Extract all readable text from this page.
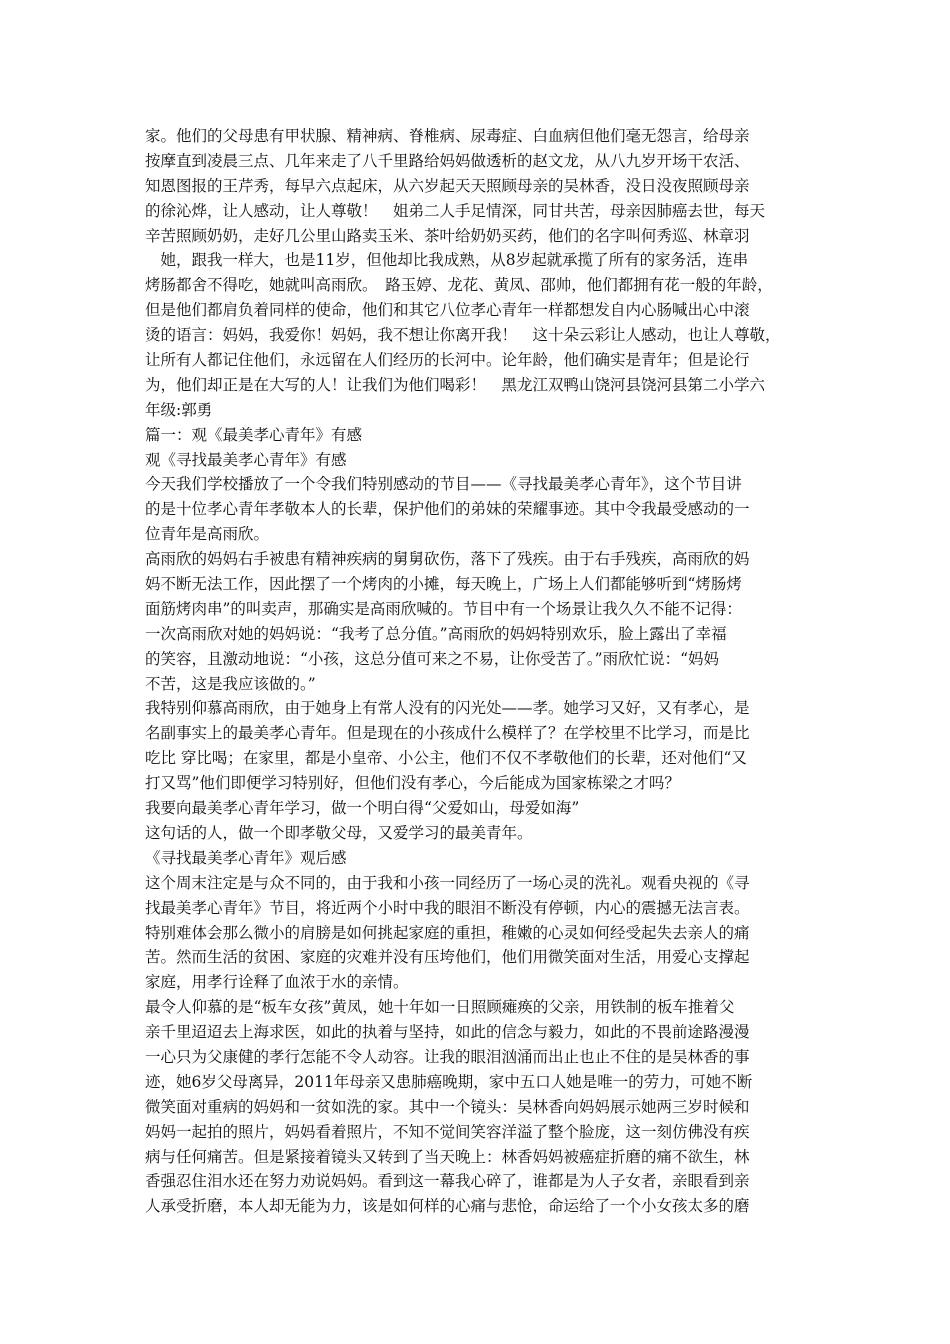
家。他们的父母患有甲状腺、精神病、脊椎病、尿毒症、白血病但他们毫无怨言，给母亲
按摩直到凌晨三点、几年来走了八千里路给妈妈做透析的赵文龙，从八九岁开场干农活、
知恩图报的王芹秀，每早六点起床，从六岁起天天照顾母亲的吴林香，没日没夜照顾母亲
的徐沁烨，让人感动，让人尊敬！　姐弟二人手足情深，同甘共苦，母亲因肺癌去世，每天
辛苦照顾奶奶，走好几公里山路卖玉米、茶叶给奶奶买药，他们的名字叫何秀巡、林章羽
　她，跟我一样大，也是11岁，但他却比我成熟，从8岁起就承揽了所有的家务活，连串
烤肠都舍不得吃，她就叫高雨欣。　路玉婷、龙花、黄凤、邵帅，他们都拥有花一般的年龄，
但是他们都肩负着同样的使命，他们和其它八位孝心青年一样都想发自内心肠喊出心中滚
烫的语言：妈妈，我爱你！妈妈，我不想让你离开我！　这十朵云彩让人感动，也让人尊敬，
让所有人都记住他们，永远留在人们经历的长河中。论年龄，他们确实是青年；但是论行
为，他们却正是在大写的人！让我们为他们喝彩！　黑龙江双鸭山饶河县饶河县第二小学六
年级:郭勇
篇一：观《最美孝心青年》有感
观《寻找最美孝心青年》有感
今天我们学校播放了一个令我们特别感动的节目——《寻找最美孝心青年》，这个节目讲
的是十位孝心青年孝敬本人的长辈，保护他们的弟妹的荣耀事迹。其中令我最受感动的一
位青年是高雨欣。
高雨欣的妈妈右手被患有精神疾病的舅舅砍伤，落下了残疾。由于右手残疾，高雨欣的妈
妈不断无法工作，因此摆了一个烤肉的小摊，每天晚上，广场上人们都能够听到“烤肠烤
面筋烤肉串”的叫卖声，那确实是高雨欣喊的。节目中有一个场景让我久久不能不记得：
一次高雨欣对她的妈妈说：“我考了总分值。”高雨欣的妈妈特别欢乐，脸上露出了幸福
的笑容，且激动地说：“小孩，这总分值可来之不易，让你受苦了。”雨欣忙说：“妈妈
不苦，这是我应该做的。”
我特别仰慕高雨欣，由于她身上有常人没有的闪光处——孝。她学习又好，又有孝心，是
名副事实上的最美孝心青年。但是现在的小孩成什么模样了？在学校里不比学习，而是比
吃比 穿比喝；在家里，都是小皇帝、小公主，他们不仅不孝敬他们的长辈，还对他们“又
打又骂”他们即便学习特别好，但他们没有孝心，今后能成为国家栋梁之才吗？
我要向最美孝心青年学习，做一个明白得“父爱如山，母爱如海”
这句话的人，做一个即孝敬父母，又爱学习的最美青年。
《寻找最美孝心青年》观后感
这个周末注定是与众不同的，由于我和小孩一同经历了一场心灵的洗礼。观看央视的《寻
找最美孝心青年》节目，将近两个小时中我的眼泪不断没有停顿，内心的震撼无法言表。
特别难体会那么微小的肩膀是如何挑起家庭的重担，稚嫩的心灵如何经受起失去亲人的痛
苦。然而生活的贫困、家庭的灾难并没有压垮他们，他们用微笑面对生活，用爱心支撑起
家庭，用孝行诠释了血浓于水的亲情。
最令人仰慕的是“板车女孩”黄凤，她十年如一日照顾瘫痪的父亲，用铁制的板车推着父
亲千里迢迢去上海求医，如此的执着与坚持，如此的信念与毅力，如此的不畏前途路漫漫
一心只为父康健的孝行怎能不令人动容。让我的眼泪汹涌而出止也止不住的是吴林香的事
迹，她6岁父母离异，2011年母亲又患肺癌晚期，家中五口人她是唯一的劳力，可她不断
微笑面对重病的妈妈和一贫如洗的家。其中一个镜头：吴林香向妈妈展示她两三岁时候和
妈妈一起拍的照片，妈妈看着照片，不知不觉间笑容洋溢了整个脸庞，这一刻仿佛没有疾
病与任何痛苦。但是紧接着镜头又转到了当天晚上：林香妈妈被癌症折磨的痛不欲生，林
香强忍住泪水还在努力劝说妈妈。看到这一幕我心碎了，谁都是为人子女者，亲眼看到亲
人承受折磨，本人却无能为力，该是如何样的心痛与悲怆，命运给了一个小女孩太多的磨
